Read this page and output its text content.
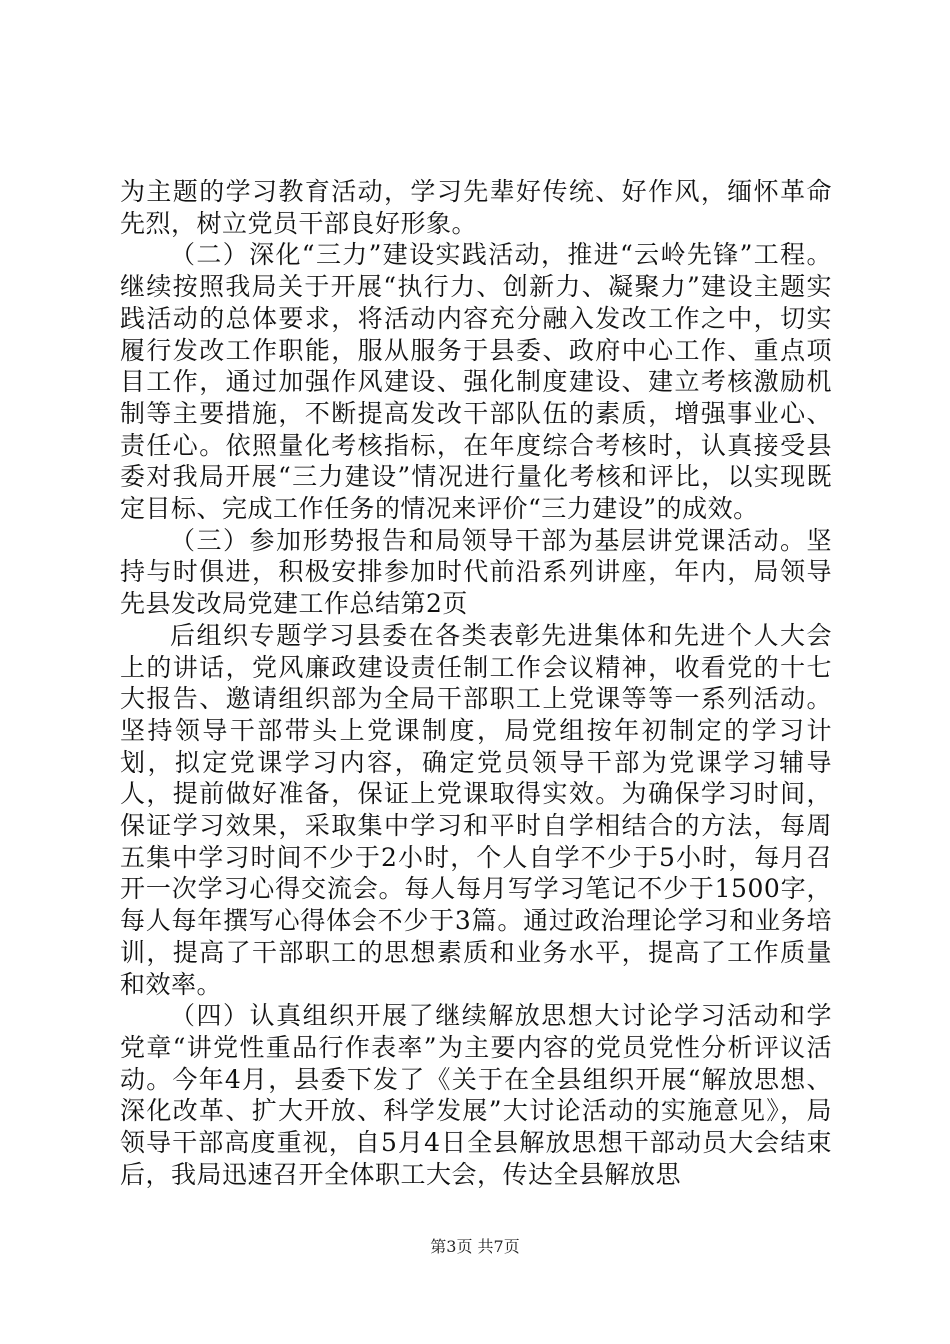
为主题的学习教育活动，学习先辈好传统、好作风，缅怀革命先烈，树立党员干部良好形象。

（二）深化“三力”建设实践活动，推进“云岭先锋”工程。继续按照我局关于开展“执行力、创新力、凝聚力”建设主题实践活动的总体要求，将活动内容充分融入发改工作之中，切实履行发改工作职能，服从服务于县委、政府中心工作、重点项目工作，通过加强作风建设、强化制度建设、建立考核激励机制等主要措施，不断提高发改干部队伍的素质，增强事业心、责任心。依照量化考核指标，在年度综合考核时，认真接受县委对我局开展“三力建设”情况进行量化考核和评比，以实现既定目标、完成工作任务的情况来评价“三力建设”的成效。

（三）参加形势报告和局领导干部为基层讲党课活动。坚持与时俱进，积极安排参加时代前沿系列讲座，年内，局领导先县发改局党建工作总结第2页

后组织专题学习县委在各类表彰先进集体和先进个人大会上的讲话，党风廉政建设责任制工作会议精神，收看党的十七大报告、邀请组织部为全局干部职工上党课等等一系列活动。坚持领导干部带头上党课制度，局党组按年初制定的学习计划，拟定党课学习内容，确定党员领导干部为党课学习辅导人，提前做好准备，保证上党课取得实效。为确保学习时间，保证学习效果，采取集中学习和平时自学相结合的方法，每周五集中学习时间不少于2小时，个人自学不少于5小时，每月召开一次学习心得交流会。每人每月写学习笔记不少于1500字，每人每年撰写心得体会不少于3篇。通过政治理论学习和业务培训，提高了干部职工的思想素质和业务水平，提高了工作质量和效率。

（四）认真组织开展了继续解放思想大讨论学习活动和学党章“讲党性重品行作表率”为主要内容的党员党性分析评议活动。今年4月，县委下发了《关于在全县组织开展“解放思想、深化改革、扩大开放、科学发展”大讨论活动的实施意见》，局领导干部高度重视，自5月4日全县解放思想干部动员大会结束后，我局迅速召开全体职工大会，传达全县解放思

第3页 共7页
